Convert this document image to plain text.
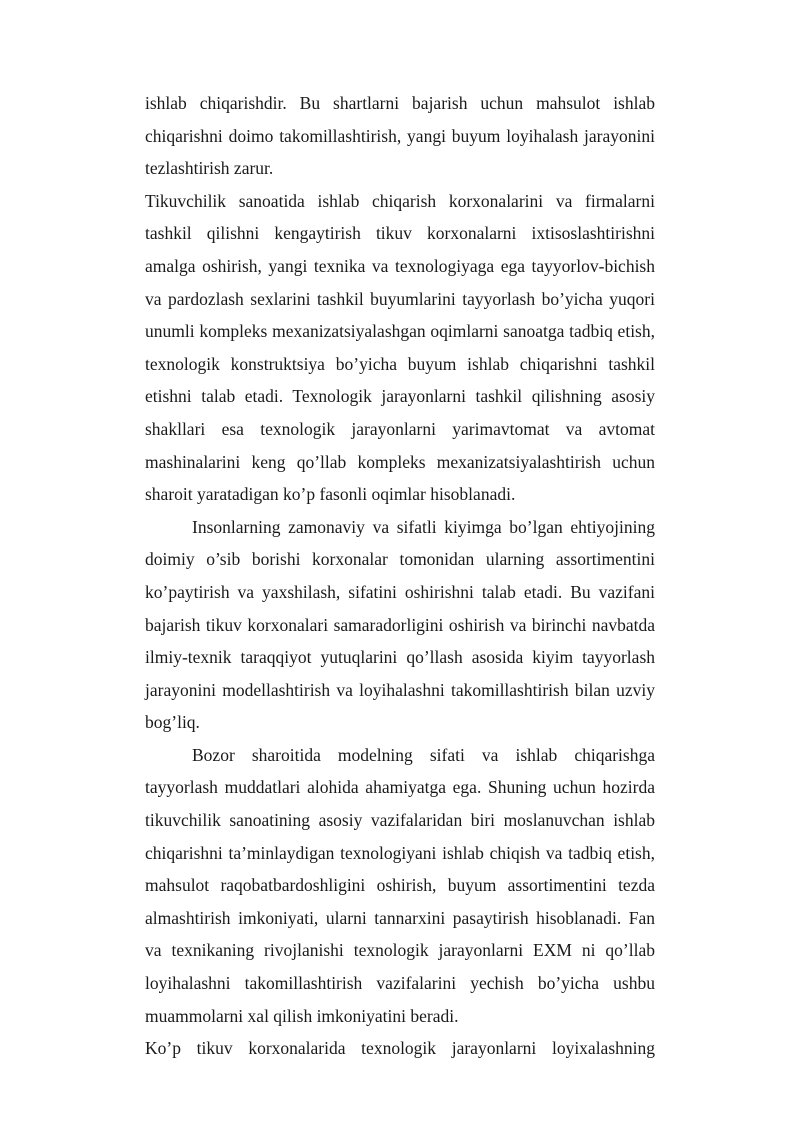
ishlab chiqarishdir. Bu shartlarni bajarish uchun mahsulot ishlab chiqarishni doimo takomillashtirish, yangi buyum loyihalash jarayonini tezlashtirish zarur.

Tikuvchilik sanoatida ishlab chiqarish korxonalarini va firmalarni tashkil qilishni kengaytirish tikuv korxonalarni ixtisoslashtirishni amalga oshirish, yangi texnika va texnologiyaga ega tayyorlov-bichish va pardozlash sexlarini tashkil buyumlarini tayyorlash bo’yicha yuqori unumli kompleks mexanizatsiyalashgan oqimlarni sanoatga tadbiq etish, texnologik konstruktsiya bo’yicha buyum ishlab chiqarishni tashkil etishni talab etadi. Texnologik jarayonlarni tashkil qilishning asosiy shakllari esa texnologik jarayonlarni yarimavtomat va avtomat mashinalarini keng qo’llab kompleks mexanizatsiyalashtirish uchun sharoit yaratadigan ko’p fasonli oqimlar hisoblanadi.

Insonlarning zamonaviy va sifatli kiyimga bo’lgan ehtiyojining doimiy o’sib borishi korxonalar tomonidan ularning assortimentini ko’paytirish va yaxshilash, sifatini oshirishni talab etadi. Bu vazifani bajarish tikuv korxonalari samaradorligini oshirish va birinchi navbatda ilmiy-texnik taraqqiyot yutuqlarini qo’llash asosida kiyim tayyorlash jarayonini modellashtirish va loyihalashni takomillashtirish bilan uzviy bog’liq.

Bozor sharoitida modelning sifati va ishlab chiqarishga tayyorlash muddatlari alohida ahamiyatga ega. Shuning uchun hozirda tikuvchilik sanoatining asosiy vazifalaridan biri moslanuvchan ishlab chiqarishni ta’minlaydigan texnologiyani ishlab chiqish va tadbiq etish, mahsulot raqobatbardoshligini oshirish, buyum assortimentini tezda almashtirish imkoniyati, ularni tannarxini pasaytirish hisoblanadi. Fan va texnikaning rivojlanishi texnologik jarayonlarni EXM ni qo’llab loyihalashni takomillashtirish vazifalarini yechish bo’yicha ushbu muammolarni xal qilish imkoniyatini beradi.

Ko’p tikuv korxonalarida texnologik jarayonlarni loyixalashning
